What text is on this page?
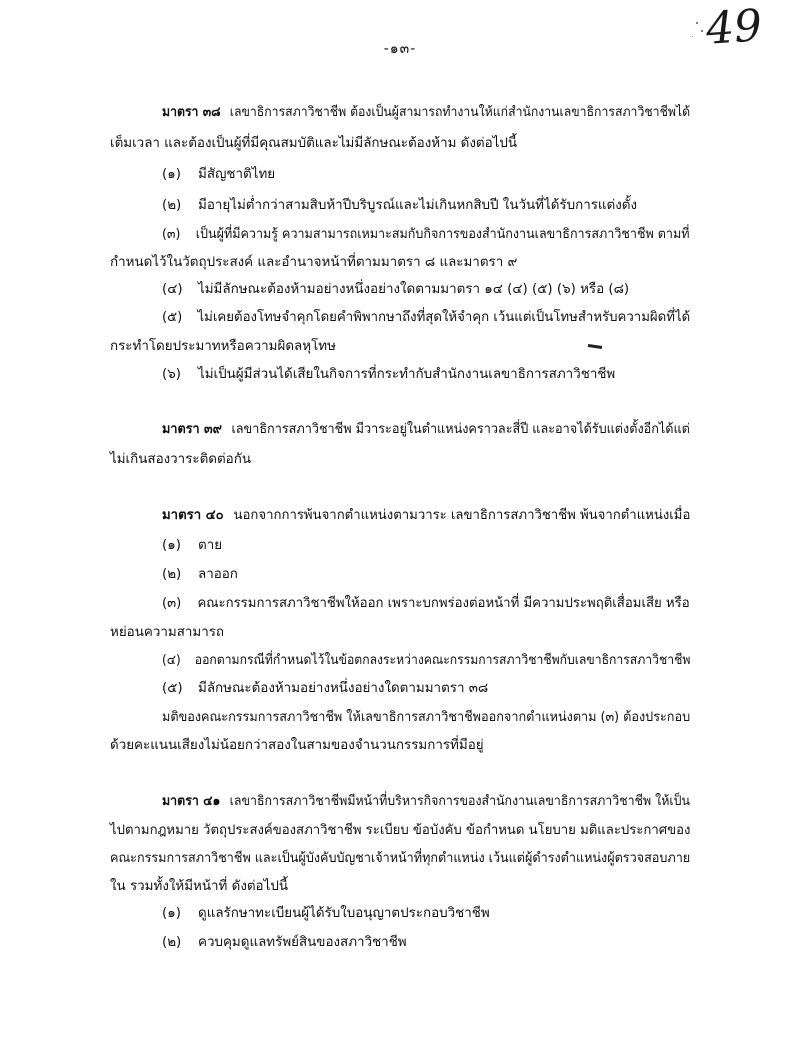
-๑๓-	49
มาตรา ๓๘ เลขาธิการสภาวิชาชีพ ต้องเป็นผู้สามารถทำงานให้แก่สำนักงานเลขาธิการสภาวิชาชีพได้
เต็มเวลา และต้องเป็นผู้ที่มีคุณสมบัติและไม่มีลักษณะต้องห้าม ดังต่อไปนี้
(๑) มีสัญชาติไทย
(๒) มีอายุไม่ต่ำกว่าสามสิบห้าปีบริบูรณ์และไม่เกินหกสิบปี ในวันที่ได้รับการแต่งตั้ง
(๓) เป็นผู้ที่มีความรู้ ความสามารถเหมาะสมกับกิจการของสำนักงานเลขาธิการสภาวิชาชีพ ตามที่
กำหนดไว้ในวัตถุประสงค์ และอำนาจหน้าที่ตามมาตรา ๘ และมาตรา ๙
(๔) ไม่มีลักษณะต้องห้ามอย่างหนึ่งอย่างใดตามมาตรา ๑๔ (๔) (๕) (๖) หรือ (๘)
(๕) ไม่เคยต้องโทษจำคุกโดยคำพิพากษาถึงที่สุดให้จำคุก เว้นแต่เป็นโทษสำหรับความผิดที่ได้
กระทำโดยประมาทหรือความผิดลหุโทษ
(๖) ไม่เป็นผู้มีส่วนได้เสียในกิจการที่กระทำกับสำนักงานเลขาธิการสภาวิชาชีพ
มาตรา ๓๙ เลขาธิการสภาวิชาชีพ มีวาระอยู่ในตำแหน่งคราวละสี่ปี และอาจได้รับแต่งตั้งอีกได้แต่
ไม่เกินสองวาระติดต่อกัน
มาตรา ๔๐ นอกจากการพ้นจากตำแหน่งตามวาระ เลขาธิการสภาวิชาชีพ พ้นจากตำแหน่งเมื่อ
(๑) ตาย
(๒) ลาออก
(๓) คณะกรรมการสภาวิชาชีพให้ออก เพราะบกพร่องต่อหน้าที่ มีความประพฤติเสื่อมเสีย หรือ
หย่อนความสามารถ
(๔) ออกตามกรณีที่กำหนดไว้ในข้อตกลงระหว่างคณะกรรมการสภาวิชาชีพกับเลขาธิการสภาวิชาชีพ
(๕) มีลักษณะต้องห้ามอย่างหนึ่งอย่างใดตามมาตรา ๓๘
มติของคณะกรรมการสภาวิชาชีพ ให้เลขาธิการสภาวิชาชีพออกจากตำแหน่งตาม (๓) ต้องประกอบ
ด้วยคะแนนเสียงไม่น้อยกว่าสองในสามของจำนวนกรรมการที่มีอยู่
มาตรา ๔๑ เลขาธิการสภาวิชาชีพมีหน้าที่บริหารกิจการของสำนักงานเลขาธิการสภาวิชาชีพ ให้เป็น
ไปตามกฎหมาย วัตถุประสงค์ของสภาวิชาชีพ ระเบียบ ข้อบังคับ ข้อกำหนด นโยบาย มติและประกาศของ
คณะกรรมการสภาวิชาชีพ และเป็นผู้บังคับบัญชาเจ้าหน้าที่ทุกตำแหน่ง เว้นแต่ผู้ดำรงตำแหน่งผู้ตรวจสอบภาย
ใน รวมทั้งให้มีหน้าที่ ดังต่อไปนี้
(๑) ดูแลรักษาทะเบียนผู้ได้รับใบอนุญาตประกอบวิชาชีพ
(๒) ควบคุมดูแลทรัพย์สินของสภาวิชาชีพ
